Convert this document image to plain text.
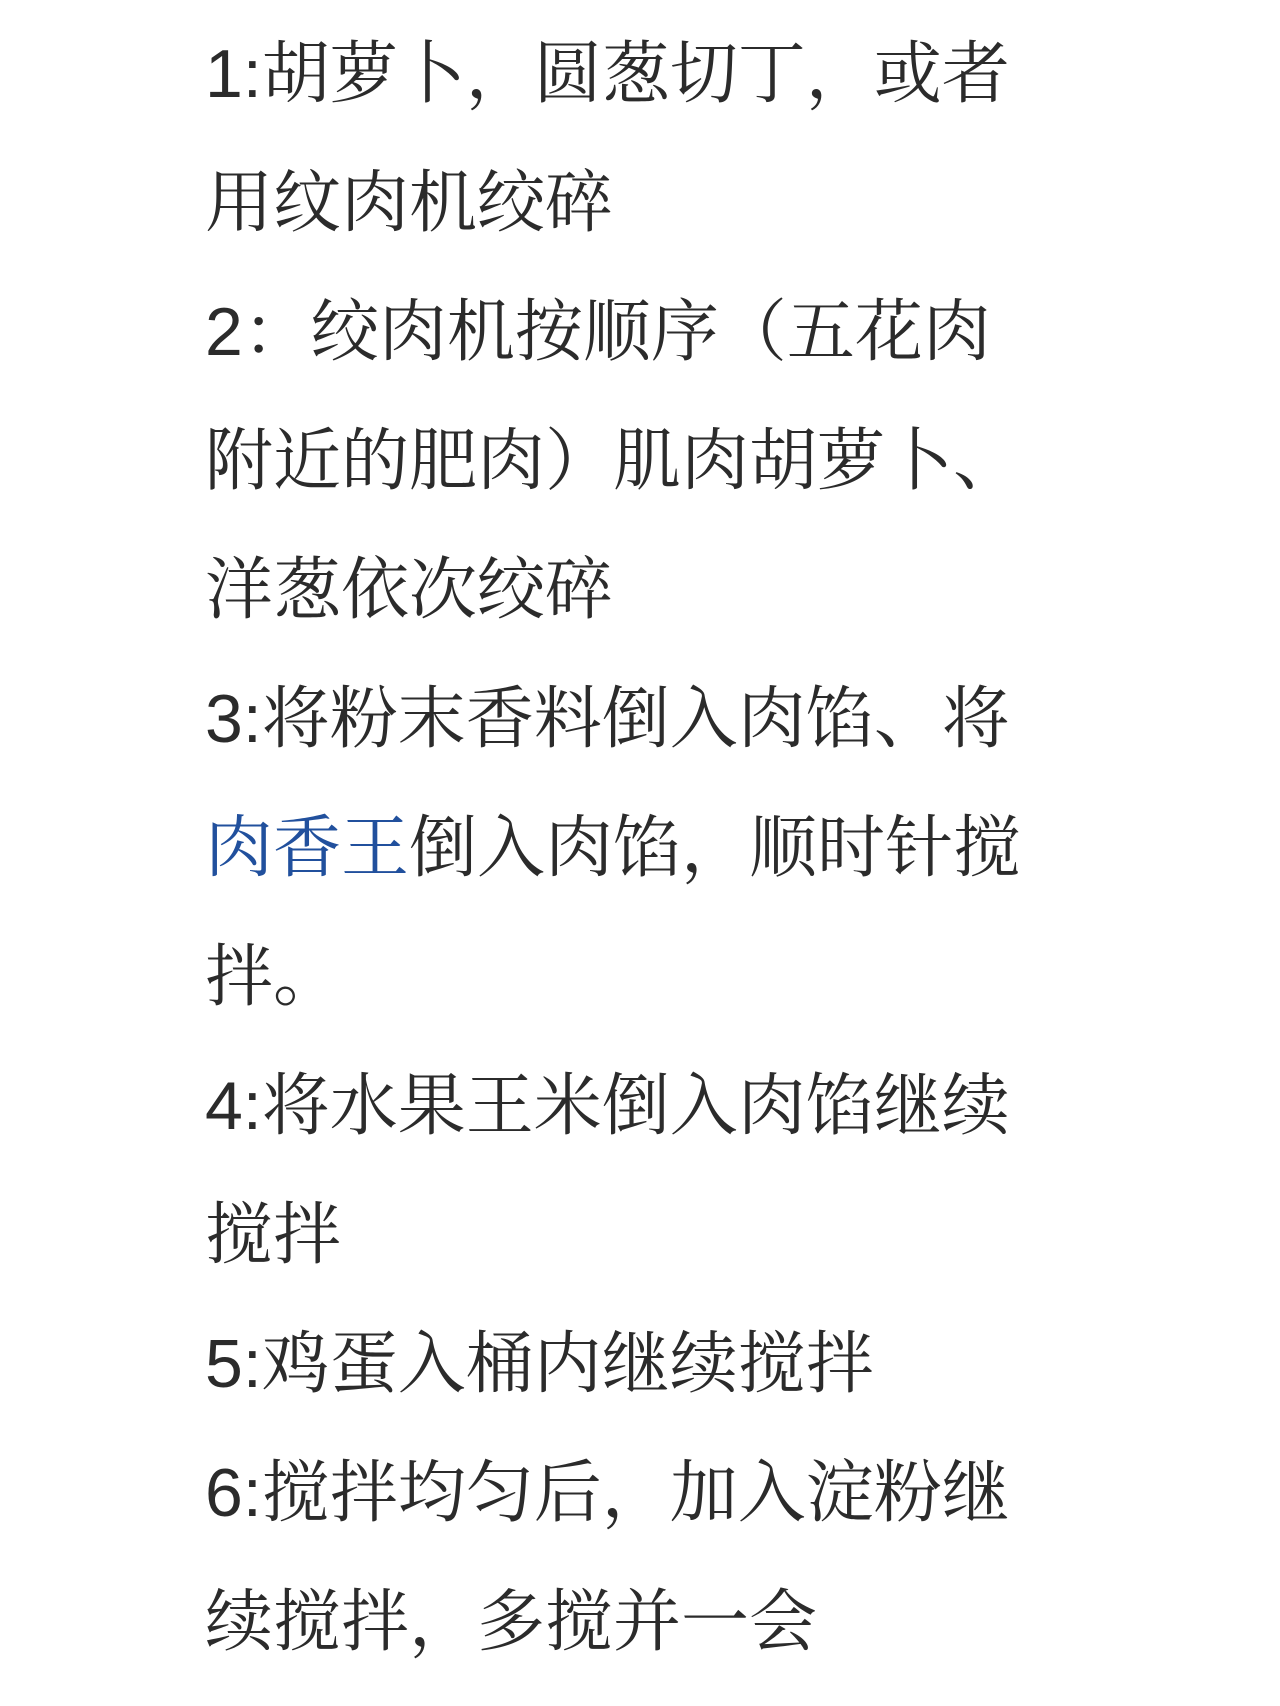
1:胡萝卜，圆葱切丁，或者
用纹肉机绞碎
2：绞肉机按顺序（五花肉
附近的肥肉）肌肉胡萝卜、
洋葱依次绞碎
3:将粉末香料倒入肉馅、将
肉香王倒入肉馅，顺时针搅
拌。
4:将水果王米倒入肉馅继续
搅拌
5:鸡蛋入桶内继续搅拌
6:搅拌均匀后，加入淀粉继
续搅拌，多搅并一会
